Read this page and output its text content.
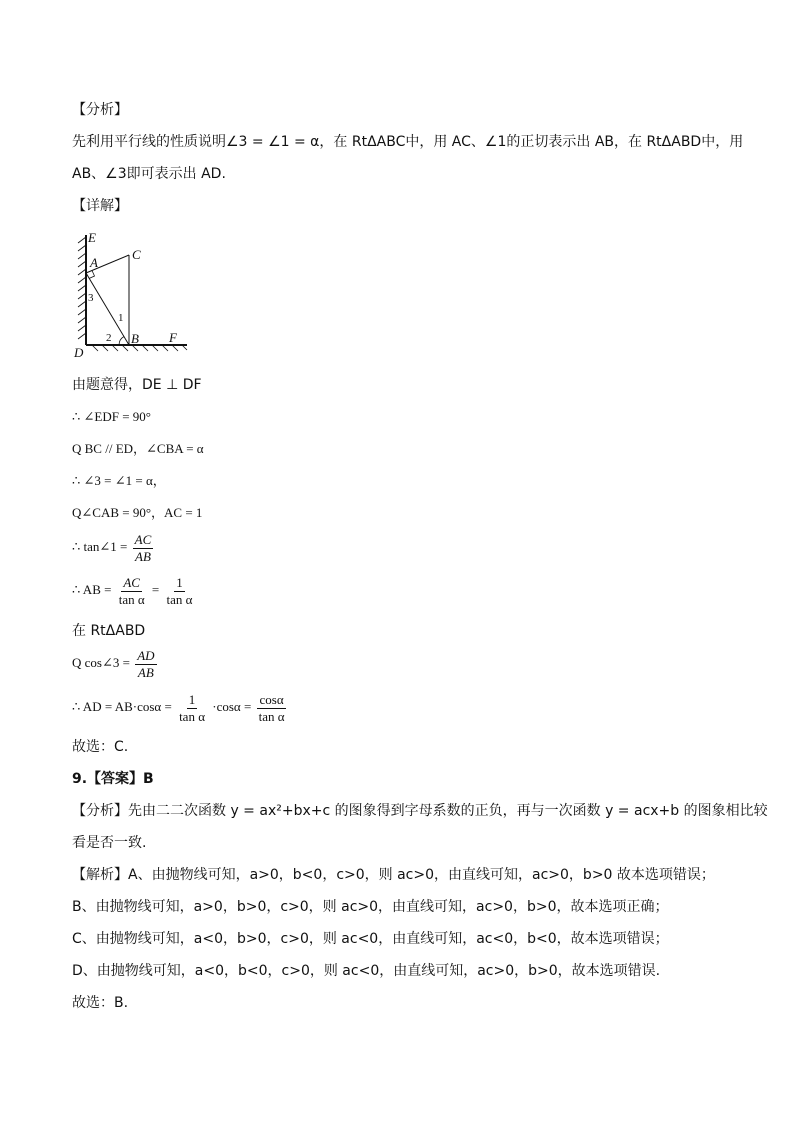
【分析】
先利用平行线的性质说明∠3 = ∠1 = α，在 RtΔABC中，用 AC、∠1的正切表示出 AB，在 RtΔABD中，用
AB、∠3即可表示出 AD.
【详解】
E
A
C
B F
D
3
1
2
由题意得，DE ⊥ DF
∴ ∠EDF = 90°
Q BC // ED，∠CBA = α
∴ ∠3 = ∠1 = α，
Q∠CAB = 90°，AC = 1
∴ tan∠1 = $\frac{AC}{AB}$
∴ AB = $\frac{AC}{\text{tan α}} = \frac{1}{\text{tan α}}$
在 RtΔABD
Q cos∠3 = $\frac{AD}{AB}$
∴ AD = $AB\cdot\cos\alpha = \frac{1}{\text{tan α}} \cdot\cos\alpha = \frac{\cos\alpha}{\text{tan α}}$
故选：C.
9.【答案】B
【分析】先由二二次函数 y = ax²+bx+c 的图象得到字母系数的正负，再与一次函数 y = acx+b 的图象相比较
看是否一致.
【解析】A、由抛物线可知，a>0，b<0，c>0，则 ac>0，由直线可知，ac>0，b>0 故本选项错误；
B、由抛物线可知，a>0，b>0，c>0，则 ac>0，由直线可知，ac>0，b>0，故本选项正确；
C、由抛物线可知，a<0，b>0，c>0，则 ac<0，由直线可知，ac<0，b<0，故本选项错误；
D、由抛物线可知，a<0，b<0，c>0，则 ac<0，由直线可知，ac>0，b>0，故本选项错误.
故选：B.
